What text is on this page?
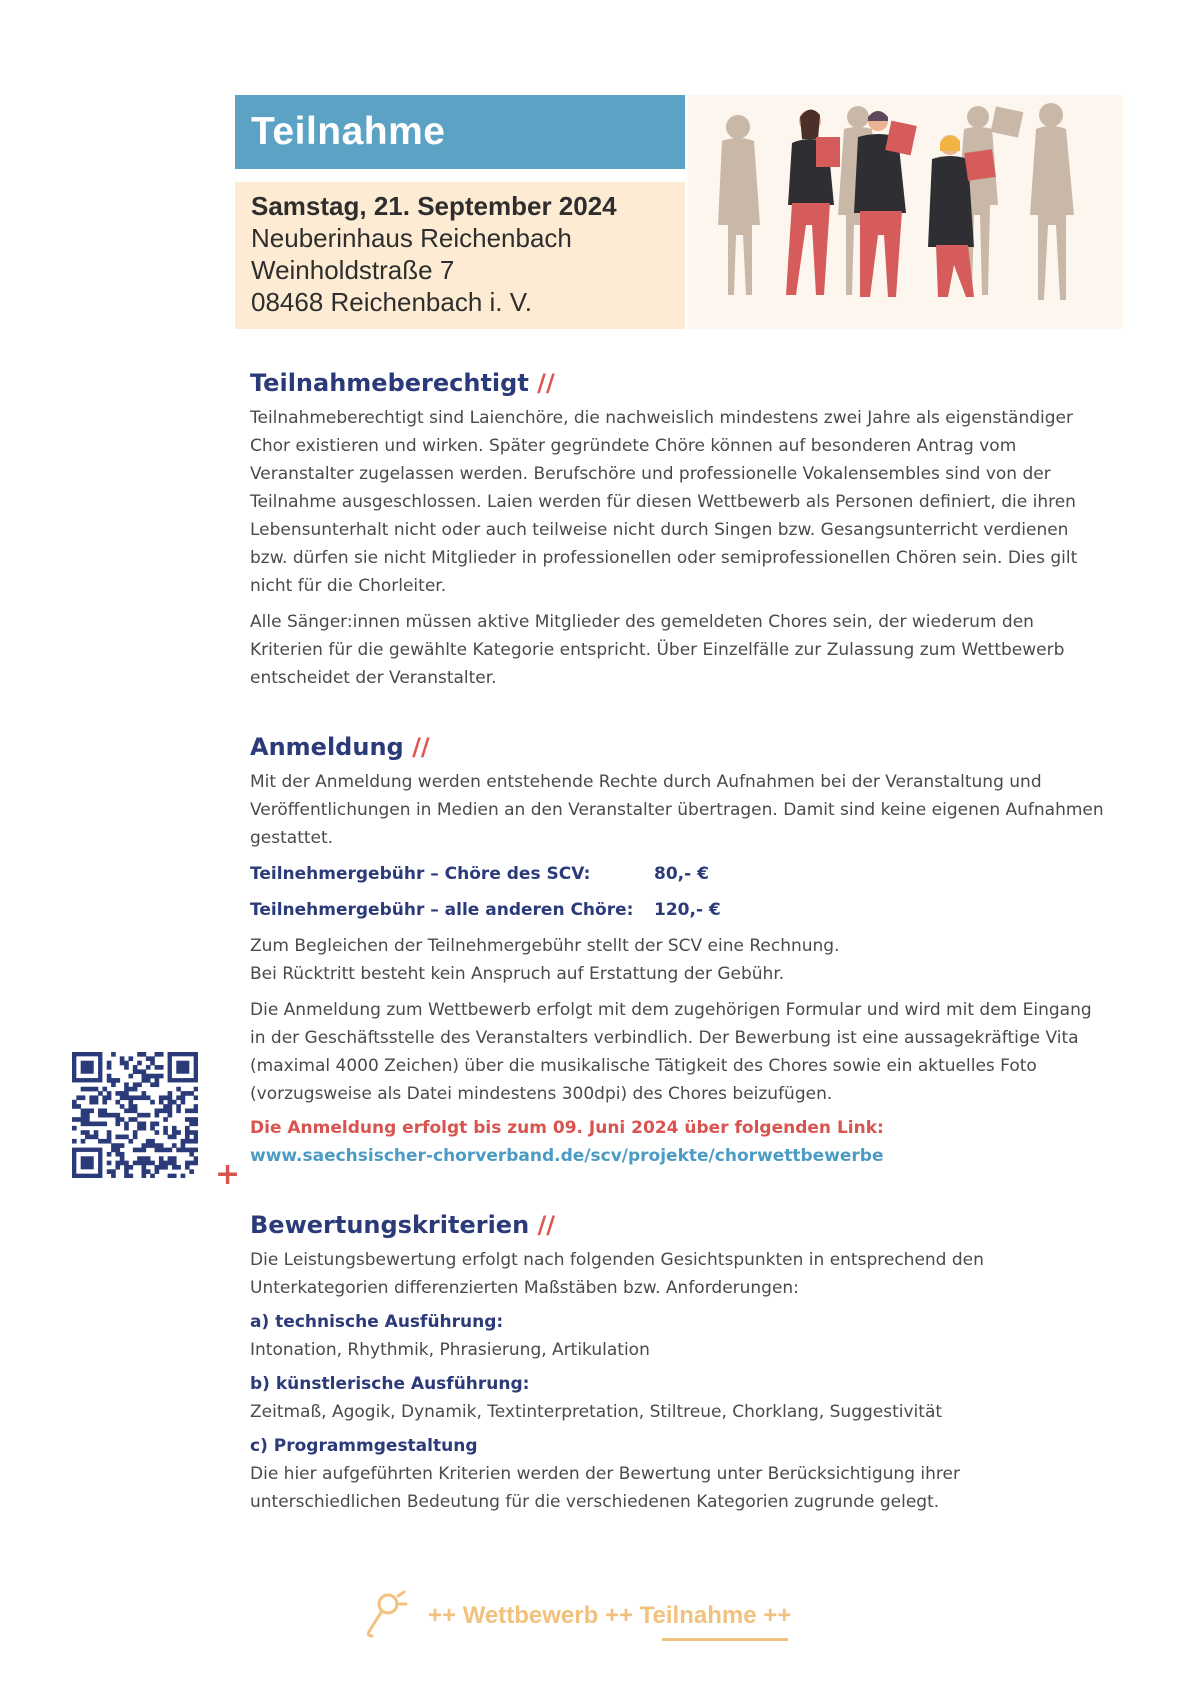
Teilnahme
Samstag, 21. September 2024
Neuberinhaus Reichenbach
Weinholdstraße 7
08468 Reichenbach i. V.
Teilnahmeberechtigt //

Teilnahmeberechtigt sind Laienchöre, die nachweislich mindestens zwei Jahre als eigenständiger Chor existieren und wirken. Später gegründete Chöre können auf besonderen Antrag vom Veranstalter zugelassen werden. Berufschöre und professionelle Vokalensembles sind von der Teilnahme ausgeschlossen. Laien werden für diesen Wettbewerb als Personen definiert, die ihren Lebensunterhalt nicht oder auch teilweise nicht durch Singen bzw. Gesangsunterricht verdienen bzw. dürfen sie nicht Mitglieder in professionellen oder semiprofessionellen Chören sein. Dies gilt nicht für die Chorleiter.

Alle Sänger:innen müssen aktive Mitglieder des gemeldeten Chores sein, der wiederum den Kriterien für die gewählte Kategorie entspricht. Über Einzelfälle zur Zulassung zum Wettbewerb entscheidet der Veranstalter.

Anmeldung //

Mit der Anmeldung werden entstehende Rechte durch Aufnahmen bei der Veranstaltung und Veröffentlichungen in Medien an den Veranstalter übertragen. Damit sind keine eigenen Aufnahmen gestattet.

Teilnehmergebühr – Chöre des SCV:	80,- €
Teilnehmergebühr – alle anderen Chöre:	120,- €

Zum Begleichen der Teilnehmergebühr stellt der SCV eine Rechnung.
Bei Rücktritt besteht kein Anspruch auf Erstattung der Gebühr.

Die Anmeldung zum Wettbewerb erfolgt mit dem zugehörigen Formular und wird mit dem Eingang in der Geschäftsstelle des Veranstalters verbindlich. Der Bewerbung ist eine aussagekräftige Vita (maximal 4000 Zeichen) über die musikalische Tätigkeit des Chores sowie ein aktuelles Foto (vorzugsweise als Datei mindestens 300dpi) des Chores beizufügen.

Die Anmeldung erfolgt bis zum 09. Juni 2024 über folgenden Link:

www.saechsischer-chorverband.de/scv/projekte/chorwettbewerbe

Bewertungskriterien //

Die Leistungsbewertung erfolgt nach folgenden Gesichtspunkten in entsprechend den Unterkategorien differenzierten Maßstäben bzw. Anforderungen:

a) technische Ausführung:

Intonation, Rhythmik, Phrasierung, Artikulation

b) künstlerische Ausführung:

Zeitmaß, Agogik, Dynamik, Textinterpretation, Stiltreue, Chorklang, Suggestivität

c) Programmgestaltung

Die hier aufgeführten Kriterien werden der Bewertung unter Berücksichtigung ihrer unterschiedlichen Bedeutung für die verschiedenen Kategorien zugrunde gelegt.

+
++ Wettbewerb ++ Teilnahme ++
